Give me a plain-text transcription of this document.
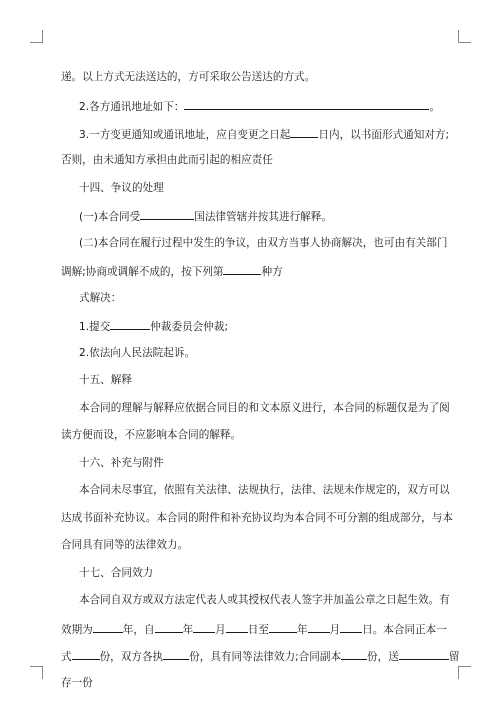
递。以上方式无法送达的，方可采取公告送达的方式。
2.各方通讯地址如下：	。
3.一方变更通知或通讯地址，应自变更之日起	日内，以书面形式通知对方;
否则，由未通知方承担由此而引起的相应责任
十四、争议的处理
(一)本合同受	国法律管辖并按其进行解释。
(二)本合同在履行过程中发生的争议，由双方当事人协商解决，也可由有关部门
调解;协商或调解不成的，按下列第	种方
式解决：
1.提交	仲裁委员会仲裁;
2.依法向人民法院起诉。
十五、解释
本合同的理解与解释应依据合同目的和文本原义进行，本合同的标题仅是为了阅
读方便而设，不应影响本合同的解释。
十六、补充与附件
本合同未尽事宜，依照有关法律、法规执行，法律、法规未作规定的，双方可以
达成书面补充协议。本合同的附件和补充协议均为本合同不可分割的组成部分，与本
合同具有同等的法律效力。
十七、合同效力
本合同自双方或双方法定代表人或其授权代表人签字并加盖公章之日起生效。有
效期为	年，自	年 月 日至	年 月 日。本合同正本一
式	份，双方各执 份，具有同等法律效力;合同副本 份，送	留
存一份
